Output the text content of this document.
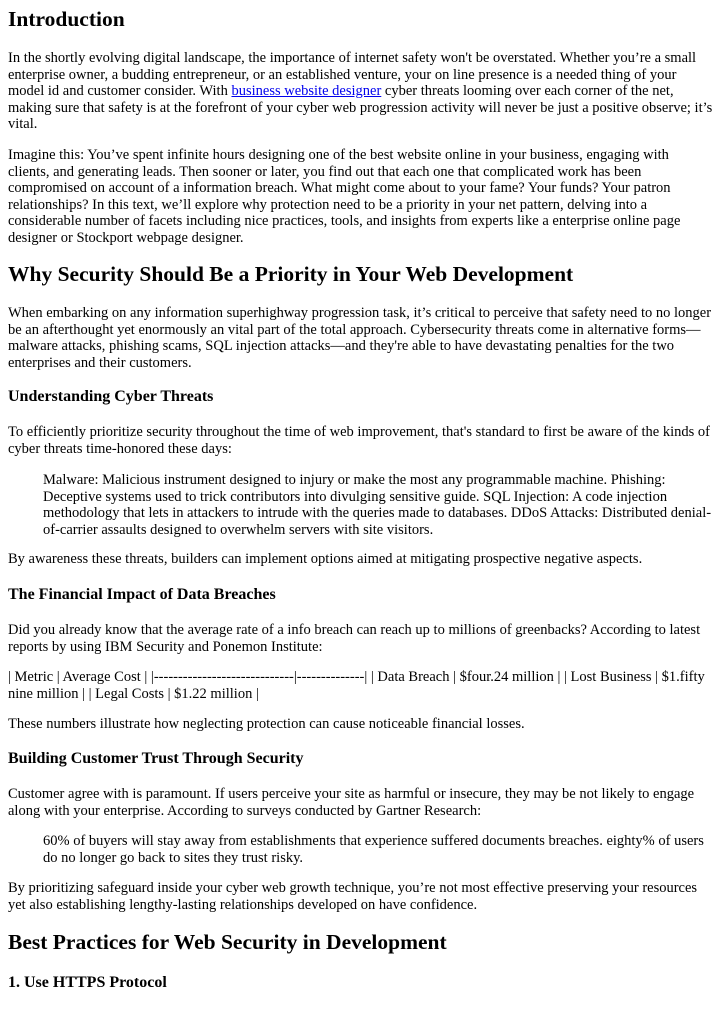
Introduction

In the shortly evolving digital landscape, the importance of internet safety won't be overstated. Whether you’re a small enterprise owner, a budding entrepreneur, or an established venture, your on line presence is a needed thing of your model id and customer consider. With business website designer cyber threats looming over each corner of the net, making sure that safety is at the forefront of your cyber web progression activity will never be just a positive observe; it’s vital.

Imagine this: You’ve spent infinite hours designing one of the best website online in your business, engaging with clients, and generating leads. Then sooner or later, you find out that each one that complicated work has been compromised on account of a information breach. What might come about to your fame? Your funds? Your patron relationships? In this text, we’ll explore why protection need to be a priority in your net pattern, delving into a considerable number of facets including nice practices, tools, and insights from experts like a enterprise online page designer or Stockport webpage designer.

Why Security Should Be a Priority in Your Web Development

When embarking on any information superhighway progression task, it’s critical to perceive that safety need to no longer be an afterthought yet enormously an vital part of the total approach. Cybersecurity threats come in alternative forms—malware attacks, phishing scams, SQL injection attacks—and they're able to have devastating penalties for the two enterprises and their customers.

Understanding Cyber Threats

To efficiently prioritize security throughout the time of web improvement, that's standard to first be aware of the kinds of cyber threats time-honored these days:

Malware: Malicious instrument designed to injury or make the most any programmable machine. Phishing: Deceptive systems used to trick contributors into divulging sensitive guide. SQL Injection: A code injection methodology that lets in attackers to intrude with the queries made to databases. DDoS Attacks: Distributed denial-of-carrier assaults designed to overwhelm servers with site visitors.

By awareness these threats, builders can implement options aimed at mitigating prospective negative aspects.

The Financial Impact of Data Breaches

Did you already know that the average rate of a info breach can reach up to millions of greenbacks? According to latest reports by using IBM Security and Ponemon Institute:

| Metric | Average Cost | |-----------------------------|--------------| | Data Breach | $four.24 million | | Lost Business | $1.fifty nine million | | Legal Costs | $1.22 million |

These numbers illustrate how neglecting protection can cause noticeable financial losses.

Building Customer Trust Through Security

Customer agree with is paramount. If users perceive your site as harmful or insecure, they may be not likely to engage along with your enterprise. According to surveys conducted by Gartner Research:

60% of buyers will stay away from establishments that experience suffered documents breaches. eighty% of users do no longer go back to sites they trust risky.

By prioritizing safeguard inside your cyber web growth technique, you’re not most effective preserving your resources yet also establishing lengthy-lasting relationships developed on have confidence.

Best Practices for Web Security in Development
1. Use HTTPS Protocol
